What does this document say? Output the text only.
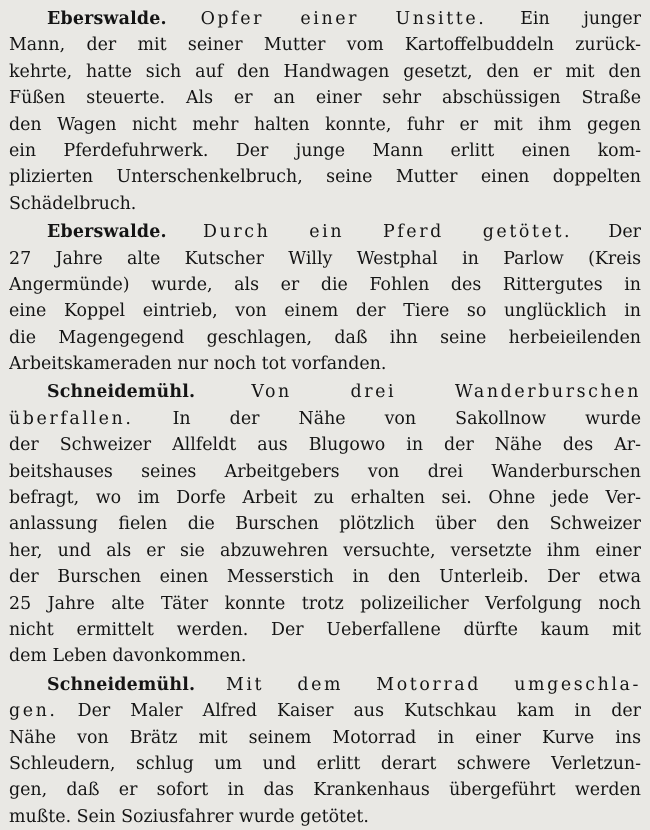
Eberswalde. Opfer einer Unsitte. Ein junger
Mann, der mit seiner Mutter vom Kartoffelbuddeln zurück-
kehrte, hatte sich auf den Handwagen gesetzt, den er mit den
Füßen steuerte. Als er an einer sehr abschüssigen Straße
den Wagen nicht mehr halten konnte, fuhr er mit ihm gegen
ein Pferdefuhrwerk. Der junge Mann erlitt einen kom-
plizierten Unterschenkelbruch, seine Mutter einen doppelten
Schädelbruch.
Eberswalde. Durch ein Pferd getötet. Der
27 Jahre alte Kutscher Willy Westphal in Parlow (Kreis
Angermünde) wurde, als er die Fohlen des Rittergutes in
eine Koppel eintrieb, von einem der Tiere so unglücklich in
die Magengegend geschlagen, daß ihn seine herbeieilenden
Arbeitskameraden nur noch tot vorfanden.
Schneidemühl.	Von drei Wanderburschen
überfallen. In der Nähe von Sakollnow wurde
der Schweizer Allfeldt aus Blugowo in der Nähe des Ar-
beitshauses seines Arbeitgebers von drei Wanderburschen
befragt, wo im Dorfe Arbeit zu erhalten sei. Ohne jede Ver-
anlassung fielen die Burschen plötzlich über den Schweizer
her, und als er sie abzuwehren versuchte, versetzte ihm einer
der Burschen einen Messerstich in den Unterleib. Der etwa
25 Jahre alte Täter konnte trotz polizeilicher Verfolgung noch
nicht ermittelt werden. Der Ueberfallene dürfte kaum mit
dem Leben davonkommen.
Schneidemühl. Mit dem Motorrad umgeschla-
gen. Der Maler Alfred Kaiser aus Kutschkau kam in der
Nähe von Brätz mit seinem Motorrad in einer Kurve ins
Schleudern, schlug um und erlitt derart schwere Verletzun-
gen, daß er sofort in das Krankenhaus übergeführt werden
mußte. Sein Soziusfahrer wurde getötet.
